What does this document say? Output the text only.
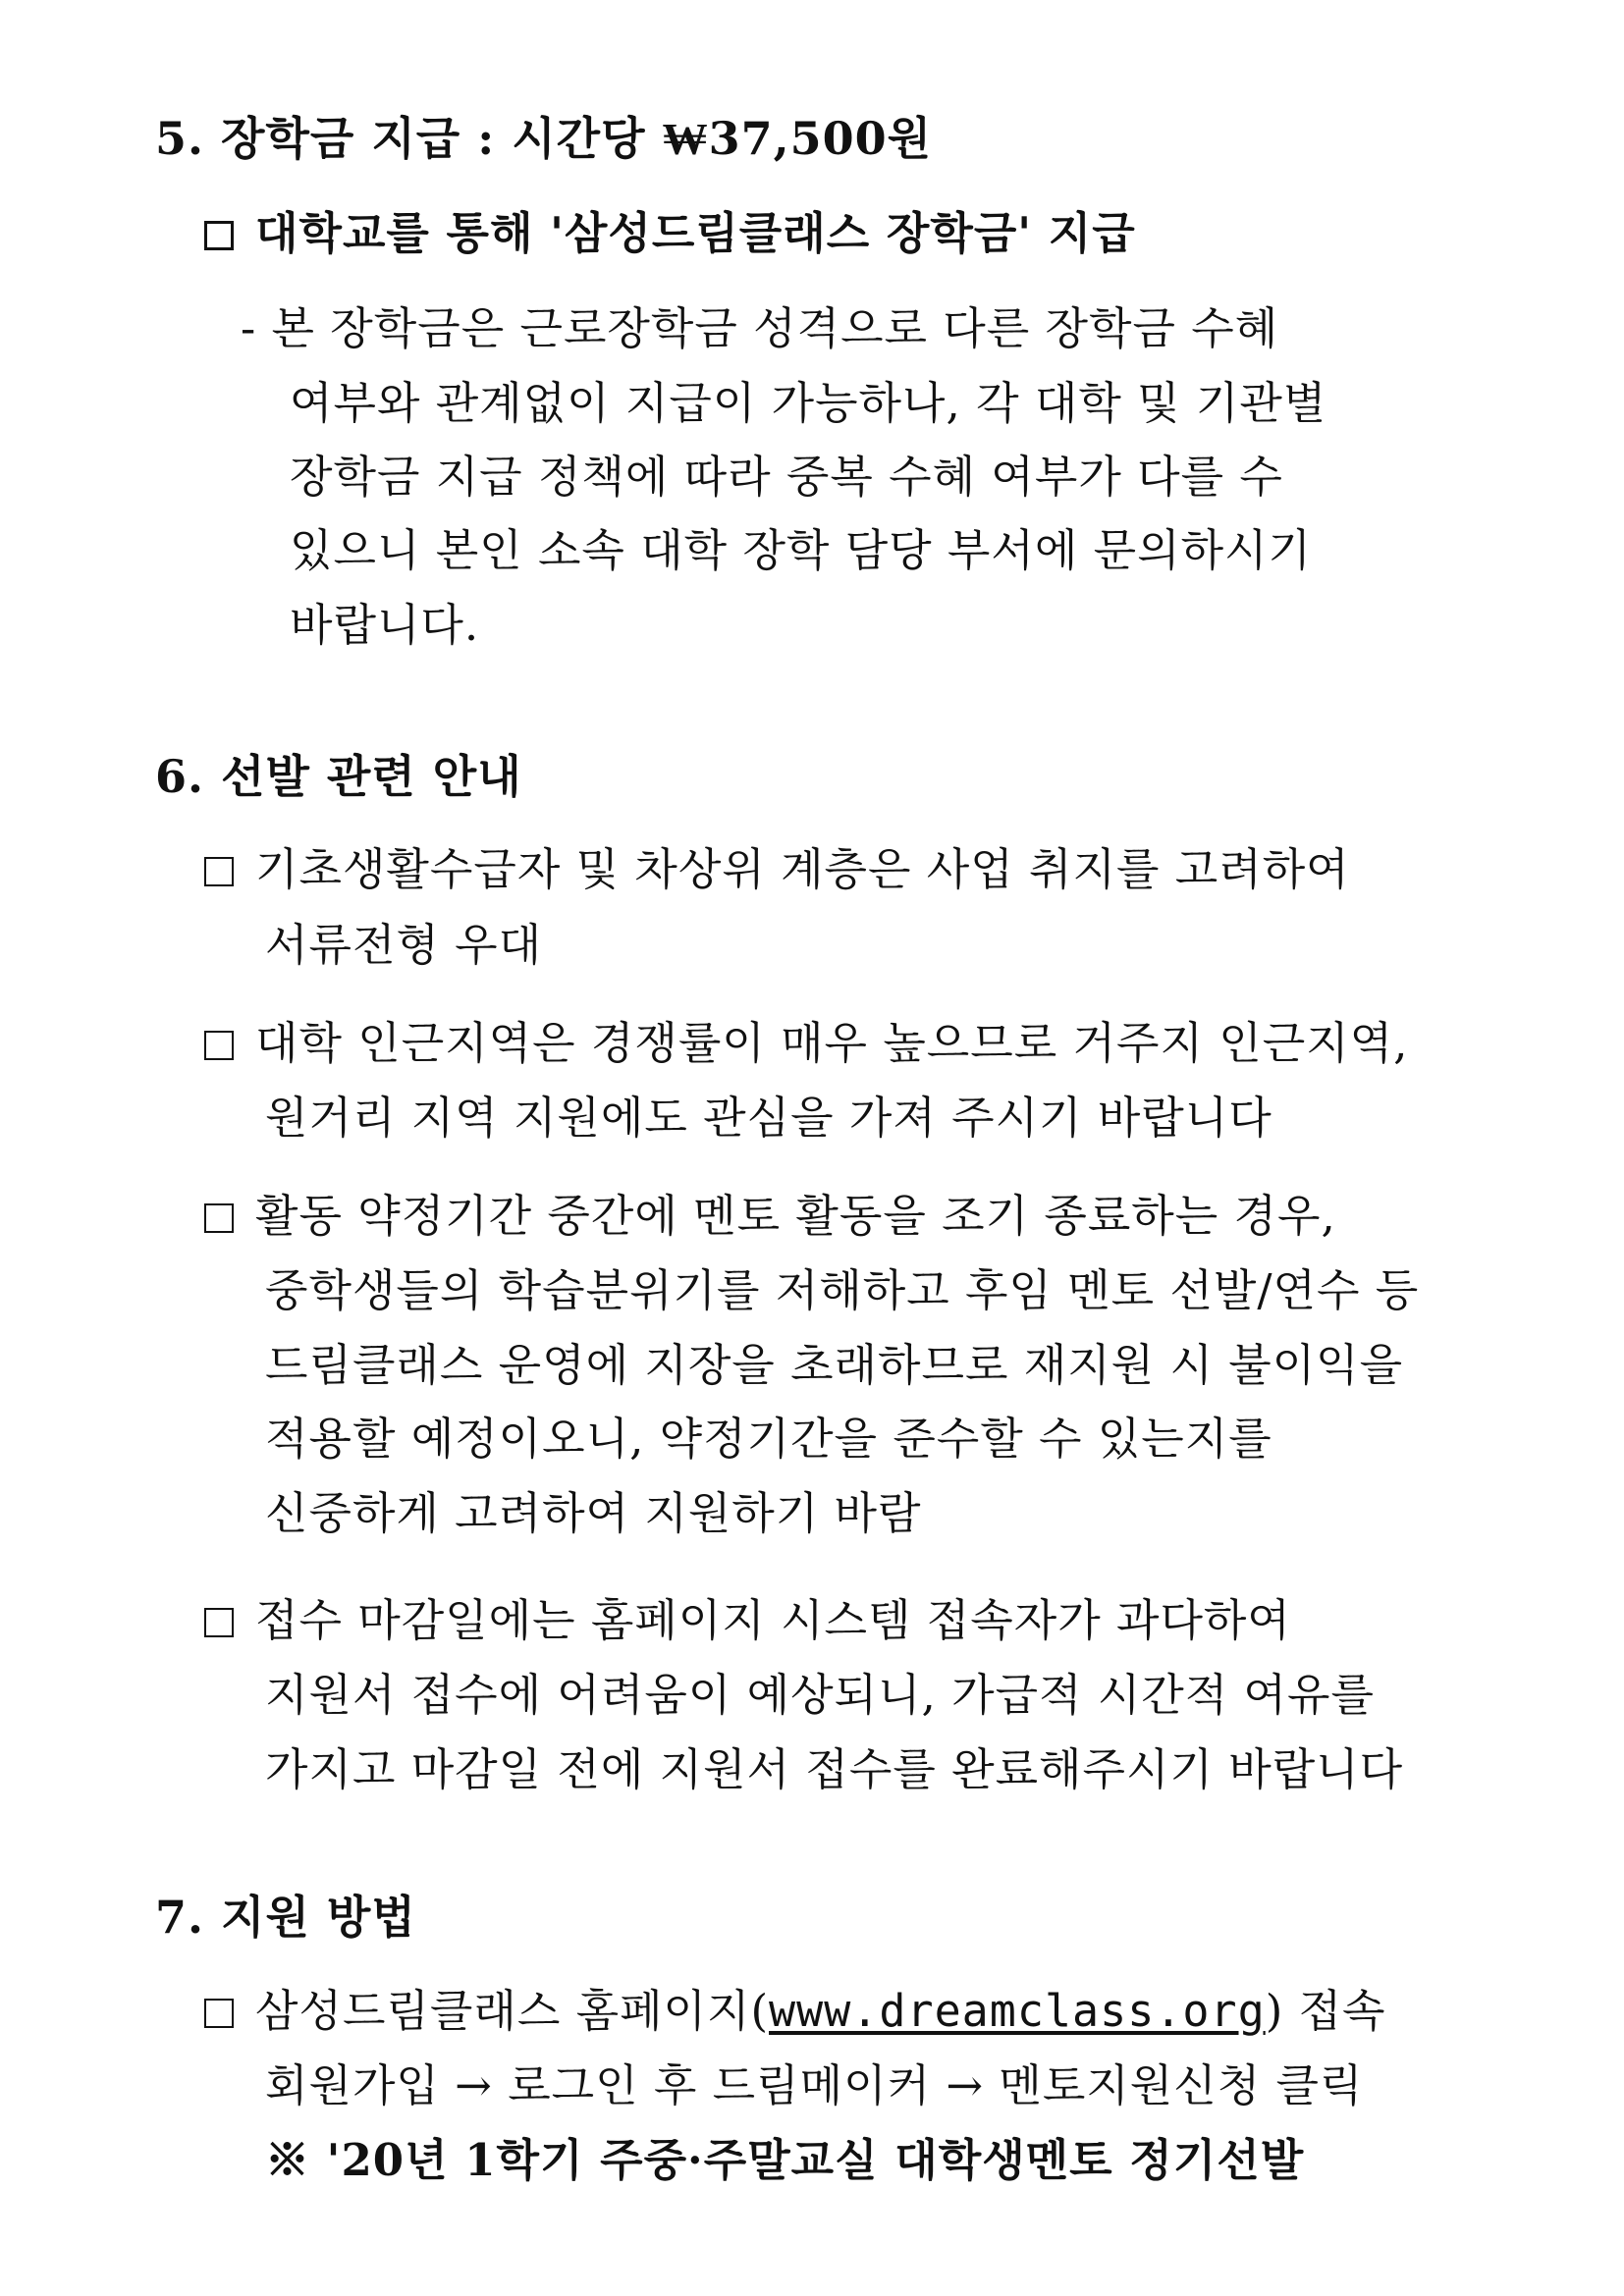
5. 장학금 지급 : 시간당 ₩37,500원
대학교를 통해 '삼성드림클래스 장학금' 지급
- 본 장학금은 근로장학금 성격으로 다른 장학금 수혜
여부와 관계없이 지급이 가능하나, 각 대학 및 기관별
장학금 지급 정책에 따라 중복 수혜 여부가 다를 수
있으니 본인 소속 대학 장학 담당 부서에 문의하시기
바랍니다.
6. 선발 관련 안내
기초생활수급자 및 차상위 계층은 사업 취지를 고려하여
서류전형 우대
대학 인근지역은 경쟁률이 매우 높으므로 거주지 인근지역,
원거리 지역 지원에도 관심을 가져 주시기 바랍니다
활동 약정기간 중간에 멘토 활동을 조기 종료하는 경우,
중학생들의 학습분위기를 저해하고 후임 멘토 선발/연수 등
드림클래스 운영에 지장을 초래하므로 재지원 시 불이익을
적용할 예정이오니, 약정기간을 준수할 수 있는지를
신중하게 고려하여 지원하기 바람
접수 마감일에는 홈페이지 시스템 접속자가 과다하여
지원서 접수에 어려움이 예상되니, 가급적 시간적 여유를
가지고 마감일 전에 지원서 접수를 완료해주시기 바랍니다
7. 지원 방법
삼성드림클래스 홈페이지(www.dreamclass.org) 접속
회원가입 → 로그인 후 드림메이커 → 멘토지원신청 클릭
※ '20년 1학기 주중·주말교실 대학생멘토 정기선발
